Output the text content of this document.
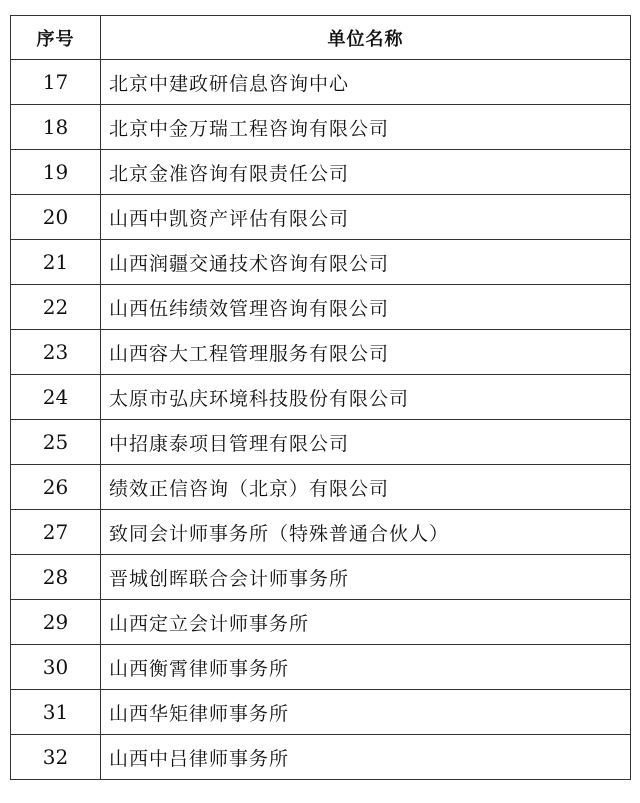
序号	单位名称
17	北京中建政研信息咨询中心
18	北京中金万瑞工程咨询有限公司
19	北京金准咨询有限责任公司
20	山西中凯资产评估有限公司
21	山西润疆交通技术咨询有限公司
22	山西伍纬绩效管理咨询有限公司
23	山西容大工程管理服务有限公司
24	太原市弘庆环境科技股份有限公司
25	中招康泰项目管理有限公司
26	绩效正信咨询（北京）有限公司
27	致同会计师事务所（特殊普通合伙人）
28	晋城创晖联合会计师事务所
29	山西定立会计师事务所
30	山西衡霄律师事务所
31	山西华矩律师事务所
32	山西中吕律师事务所
